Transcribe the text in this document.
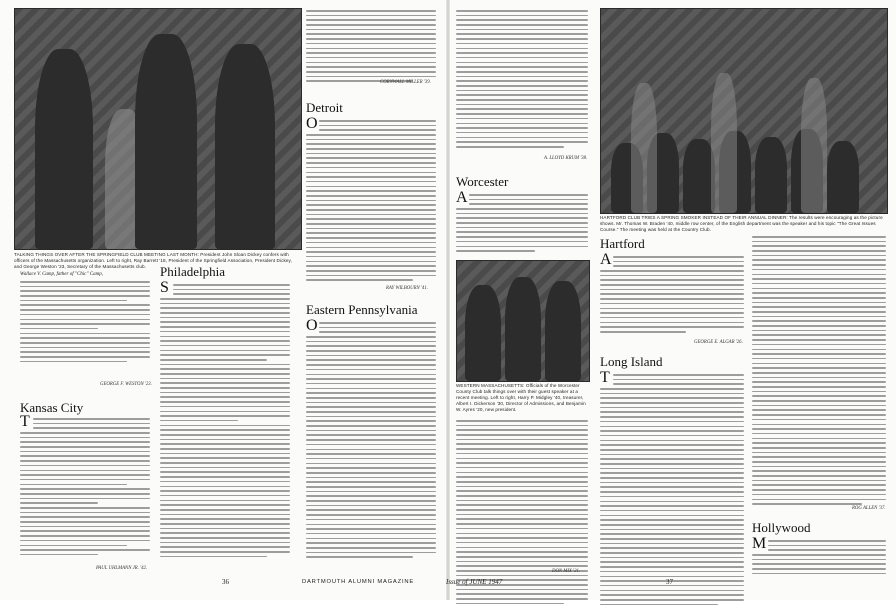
TALKING THINGS OVER AFTER THE SPRINGFIELD CLUB MEETING LAST MONTH: President John Sloan Dickey confers with officers of the Massachusetts organization. Left to right, Ray Barrett '18, President of the Springfield Association, President Dickey, and George Weston '23, Secretary of the Massachusetts club.
Wallace V. Camp, father of "Chic" Camp,
GEORGE F. WESTON '23.
Kansas City
T
PAUL UHLMANN JR. '42.
Philadelphia
S
CORNWALL MILLER '39.
Detroit
O
RAY WILBOURN '41.
Eastern Pennsylvania
O
36
A. LLOYD KRUM '38.
HARTFORD CLUB TRIES A SPRING SMOKER INSTEAD OF THEIR ANNUAL DINNER: The results were encouraging as the picture shows. Mr. Thomas W. Braden '40, middle row center, of the English department was the speaker and his topic "The Great Issues Course." The meeting was held at the Country Club.
Worcester
A
WESTERN MASSACHUSETTS: Officials of the Worcester County Club talk things over with their guest speaker at a recent meeting. Left to right, Harry P. Midgley '40, treasurer, Albert I. Dickerson '30, Director of Admissions, and Benjamin W. Ayres '20, new president.
DON MIX '21.
Hartford
A
GEORGE E. ALGAR '26.
Long Island
T
ROG ALLEN '37.
Hollywood
M
37
DARTMOUTH ALUMNI MAGAZINE	Issue of JUNE 1947
